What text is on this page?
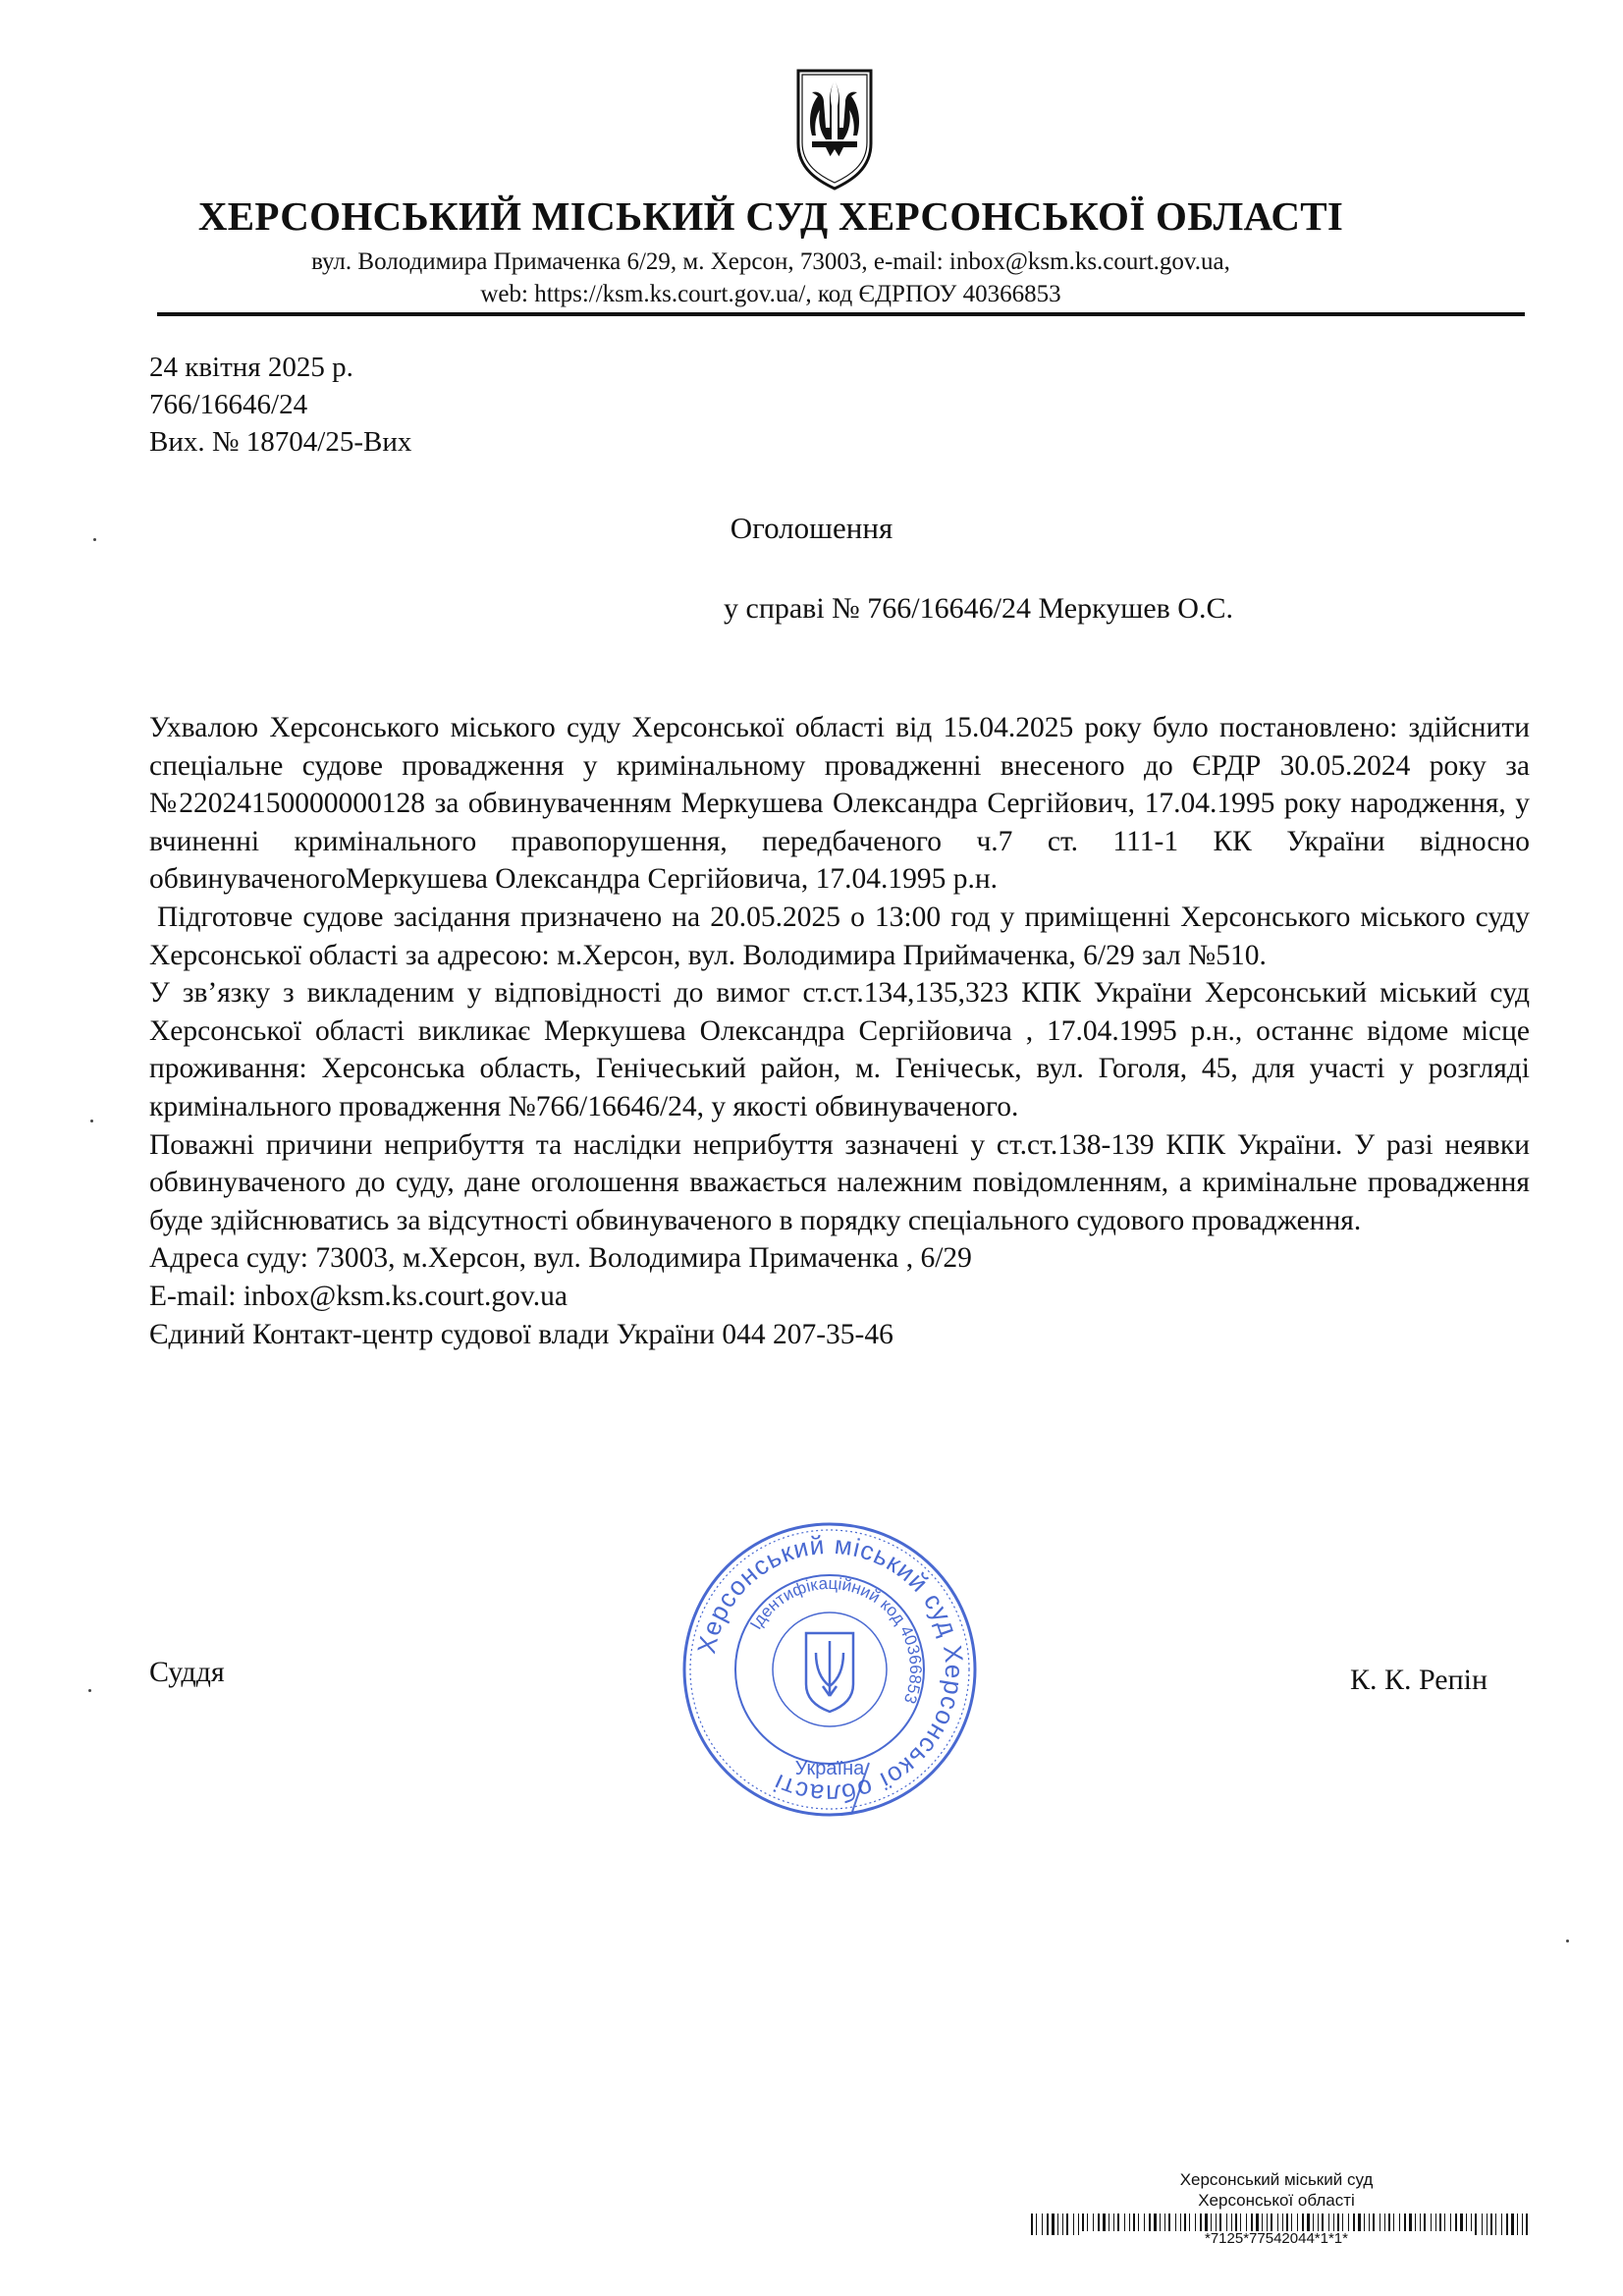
ХЕРСОНСЬКИЙ МІСЬКИЙ СУД ХЕРСОНСЬКОЇ ОБЛАСТІ
вул. Володимира Примаченка 6/29, м. Херсон, 73003, e-mail: inbox@ksm.ks.court.gov.ua,
web: https://ksm.ks.court.gov.ua/, код ЄДРПОУ 40366853
24 квітня 2025 р.
766/16646/24
Вих. № 18704/25-Вих
Оголошення
у справі № 766/16646/24 Меркушев О.С.

Ухвалою Херсонського міського суду Херсонської області від 15.04.2025 року було постановлено: здійснити спеціальне судове провадження у кримінальному провадженні внесеного до ЄРДР 30.05.2024 року за №22024150000000128 за обвинуваченням Меркушева Олександра Сергійович, 17.04.1995 року народження, у вчиненні кримінального правопорушення, передбаченого ч.7 ст. 111-1 КК України відносно обвинуваченогоМеркушева Олександра Сергійовича, 17.04.1995 р.н.

Підготовче судове засідання призначено на 20.05.2025 о 13:00 год у приміщенні Херсонського міського суду Херсонської області за адресою: м.Херсон, вул. Володимира Приймаченка, 6/29 зал №510.

У зв’язку з викладеним у відповідності до вимог ст.ст.134,135,323 КПК України Херсонський міський суд Херсонської області викликає Меркушева Олександра Сергійовича , 17.04.1995 р.н., останнє відоме місце проживання: Херсонська область, Генічеський район, м. Генічеськ, вул. Гоголя, 45, для участі у розгляді кримінального провадження №766/16646/24, у якості обвинуваченого.

Поважні причини неприбуття та наслідки неприбуття зазначені у ст.ст.138-139 КПК України. У разі неявки обвинуваченого до суду, дане оголошення вважається належним повідомленням, а кримінальне провадження буде здійснюватись за відсутності обвинуваченого в порядку спеціального судового провадження.

Адреса суду: 73003, м.Херсон, вул. Володимира Примаченка , 6/29
E-mail: inbox@ksm.ks.court.gov.ua
Єдиний Контакт-центр судової влади України 044 207-35-46
Суддя	К. К. Репін
Херсонський міський суд Херсонської області
Ідентифікаційний код 40366853
Україна
Херсонський міський суд
Херсонської області
*7125*77542044*1*1*
